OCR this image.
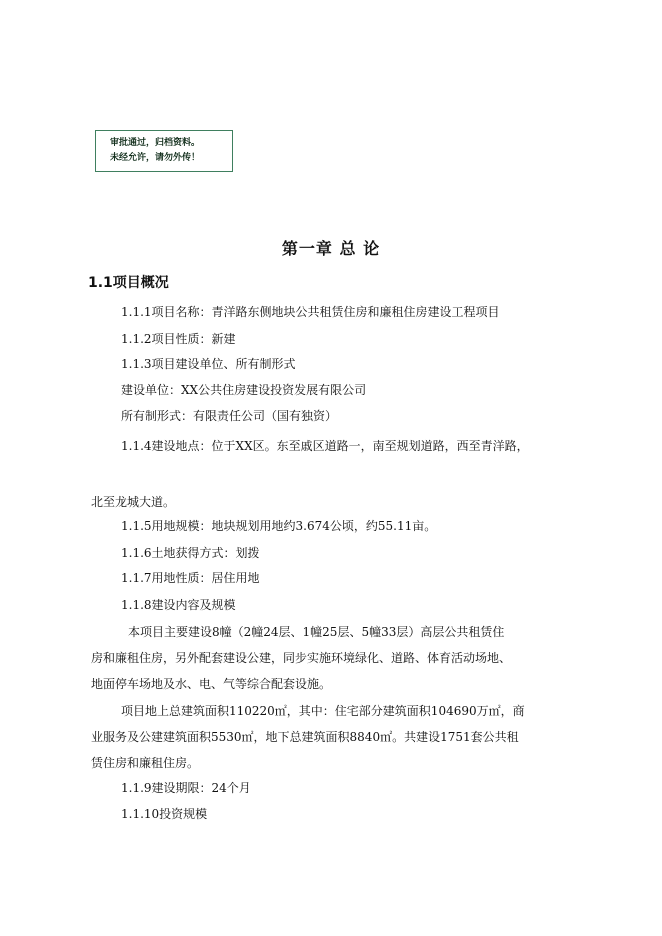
审批通过，归档资料。
未经允许，请勿外传！
第一章 总 论
1.1项目概况
1.1.1项目名称：青洋路东侧地块公共租赁住房和廉租住房建设工程项目
1.1.2项目性质：新建
1.1.3项目建设单位、所有制形式
建设单位：XX公共住房建设投资发展有限公司
所有制形式：有限责任公司（国有独资）
1.1.4建设地点：位于XX区。东至戚区道路一，南至规划道路，西至青洋路，
北至龙城大道。
1.1.5用地规模：地块规划用地约3.674公顷，约55.11亩。
1.1.6土地获得方式：划拨
1.1.7用地性质：居住用地
1.1.8建设内容及规模
本项目主要建设8幢（2幢24层、1幢25层、5幢33层）高层公共租赁住
房和廉租住房，另外配套建设公建，同步实施环境绿化、道路、体育活动场地、
地面停车场地及水、电、气等综合配套设施。
项目地上总建筑面积110220㎡，其中：住宅部分建筑面积104690万㎡，商
业服务及公建建筑面积5530㎡，地下总建筑面积8840㎡。共建设1751套公共租
赁住房和廉租住房。
1.1.9建设期限：24个月
1.1.10投资规模
